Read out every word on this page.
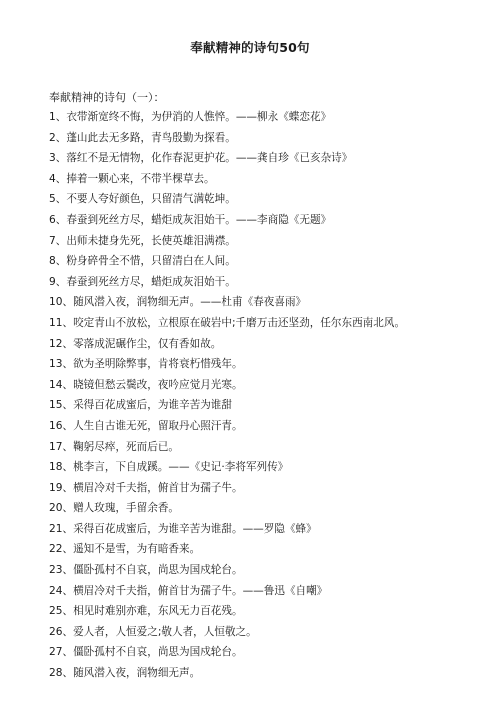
奉献精神的诗句50句
奉献精神的诗句（一）：
1、衣带渐宽终不悔，为伊消的人憔悴。——柳永《蝶恋花》
2、蓬山此去无多路，青鸟殷勤为探看。
3、落红不是无情物，化作春泥更护花。——龚自珍《已亥杂诗》
4、捧着一颗心来，不带半棵草去。
5、不要人夸好颜色，只留清气满乾坤。
6、春蚕到死丝方尽，蜡炬成灰泪始干。——李商隐《无题》
7、出师未捷身先死，长使英雄泪满襟。
8、粉身碎骨全不惜，只留清白在人间。
9、春蚕到死丝方尽，蜡炬成灰泪始干。
10、随风潜入夜，润物细无声。——杜甫《春夜喜雨》
11、咬定青山不放松，立根原在破岩中;千磨万击还坚劲，任尔东西南北风。
12、零落成泥碾作尘，仅有香如故。
13、欲为圣明除弊事，肯将衰朽惜残年。
14、晓镜但愁云鬓改，夜吟应觉月光寒。
15、采得百花成蜜后，为谁辛苦为谁甜
16、人生自古谁无死，留取丹心照汗青。
17、鞠躬尽瘁，死而后已。
18、桃李言，下自成蹊。——《史记·李将军列传》
19、横眉冷对千夫指，俯首甘为孺子牛。
20、赠人玫瑰，手留余香。
21、采得百花成蜜后，为谁辛苦为谁甜。——罗隐《蜂》
22、遥知不是雪，为有暗香来。
23、僵卧孤村不自哀，尚思为国戍轮台。
24、横眉冷对千夫指，俯首甘为孺子牛。——鲁迅《自嘲》
25、相见时难别亦难，东风无力百花残。
26、爱人者，人恒爱之;敬人者，人恒敬之。
27、僵卧孤村不自哀，尚思为国戍轮台。
28、随风潜入夜，润物细无声。
